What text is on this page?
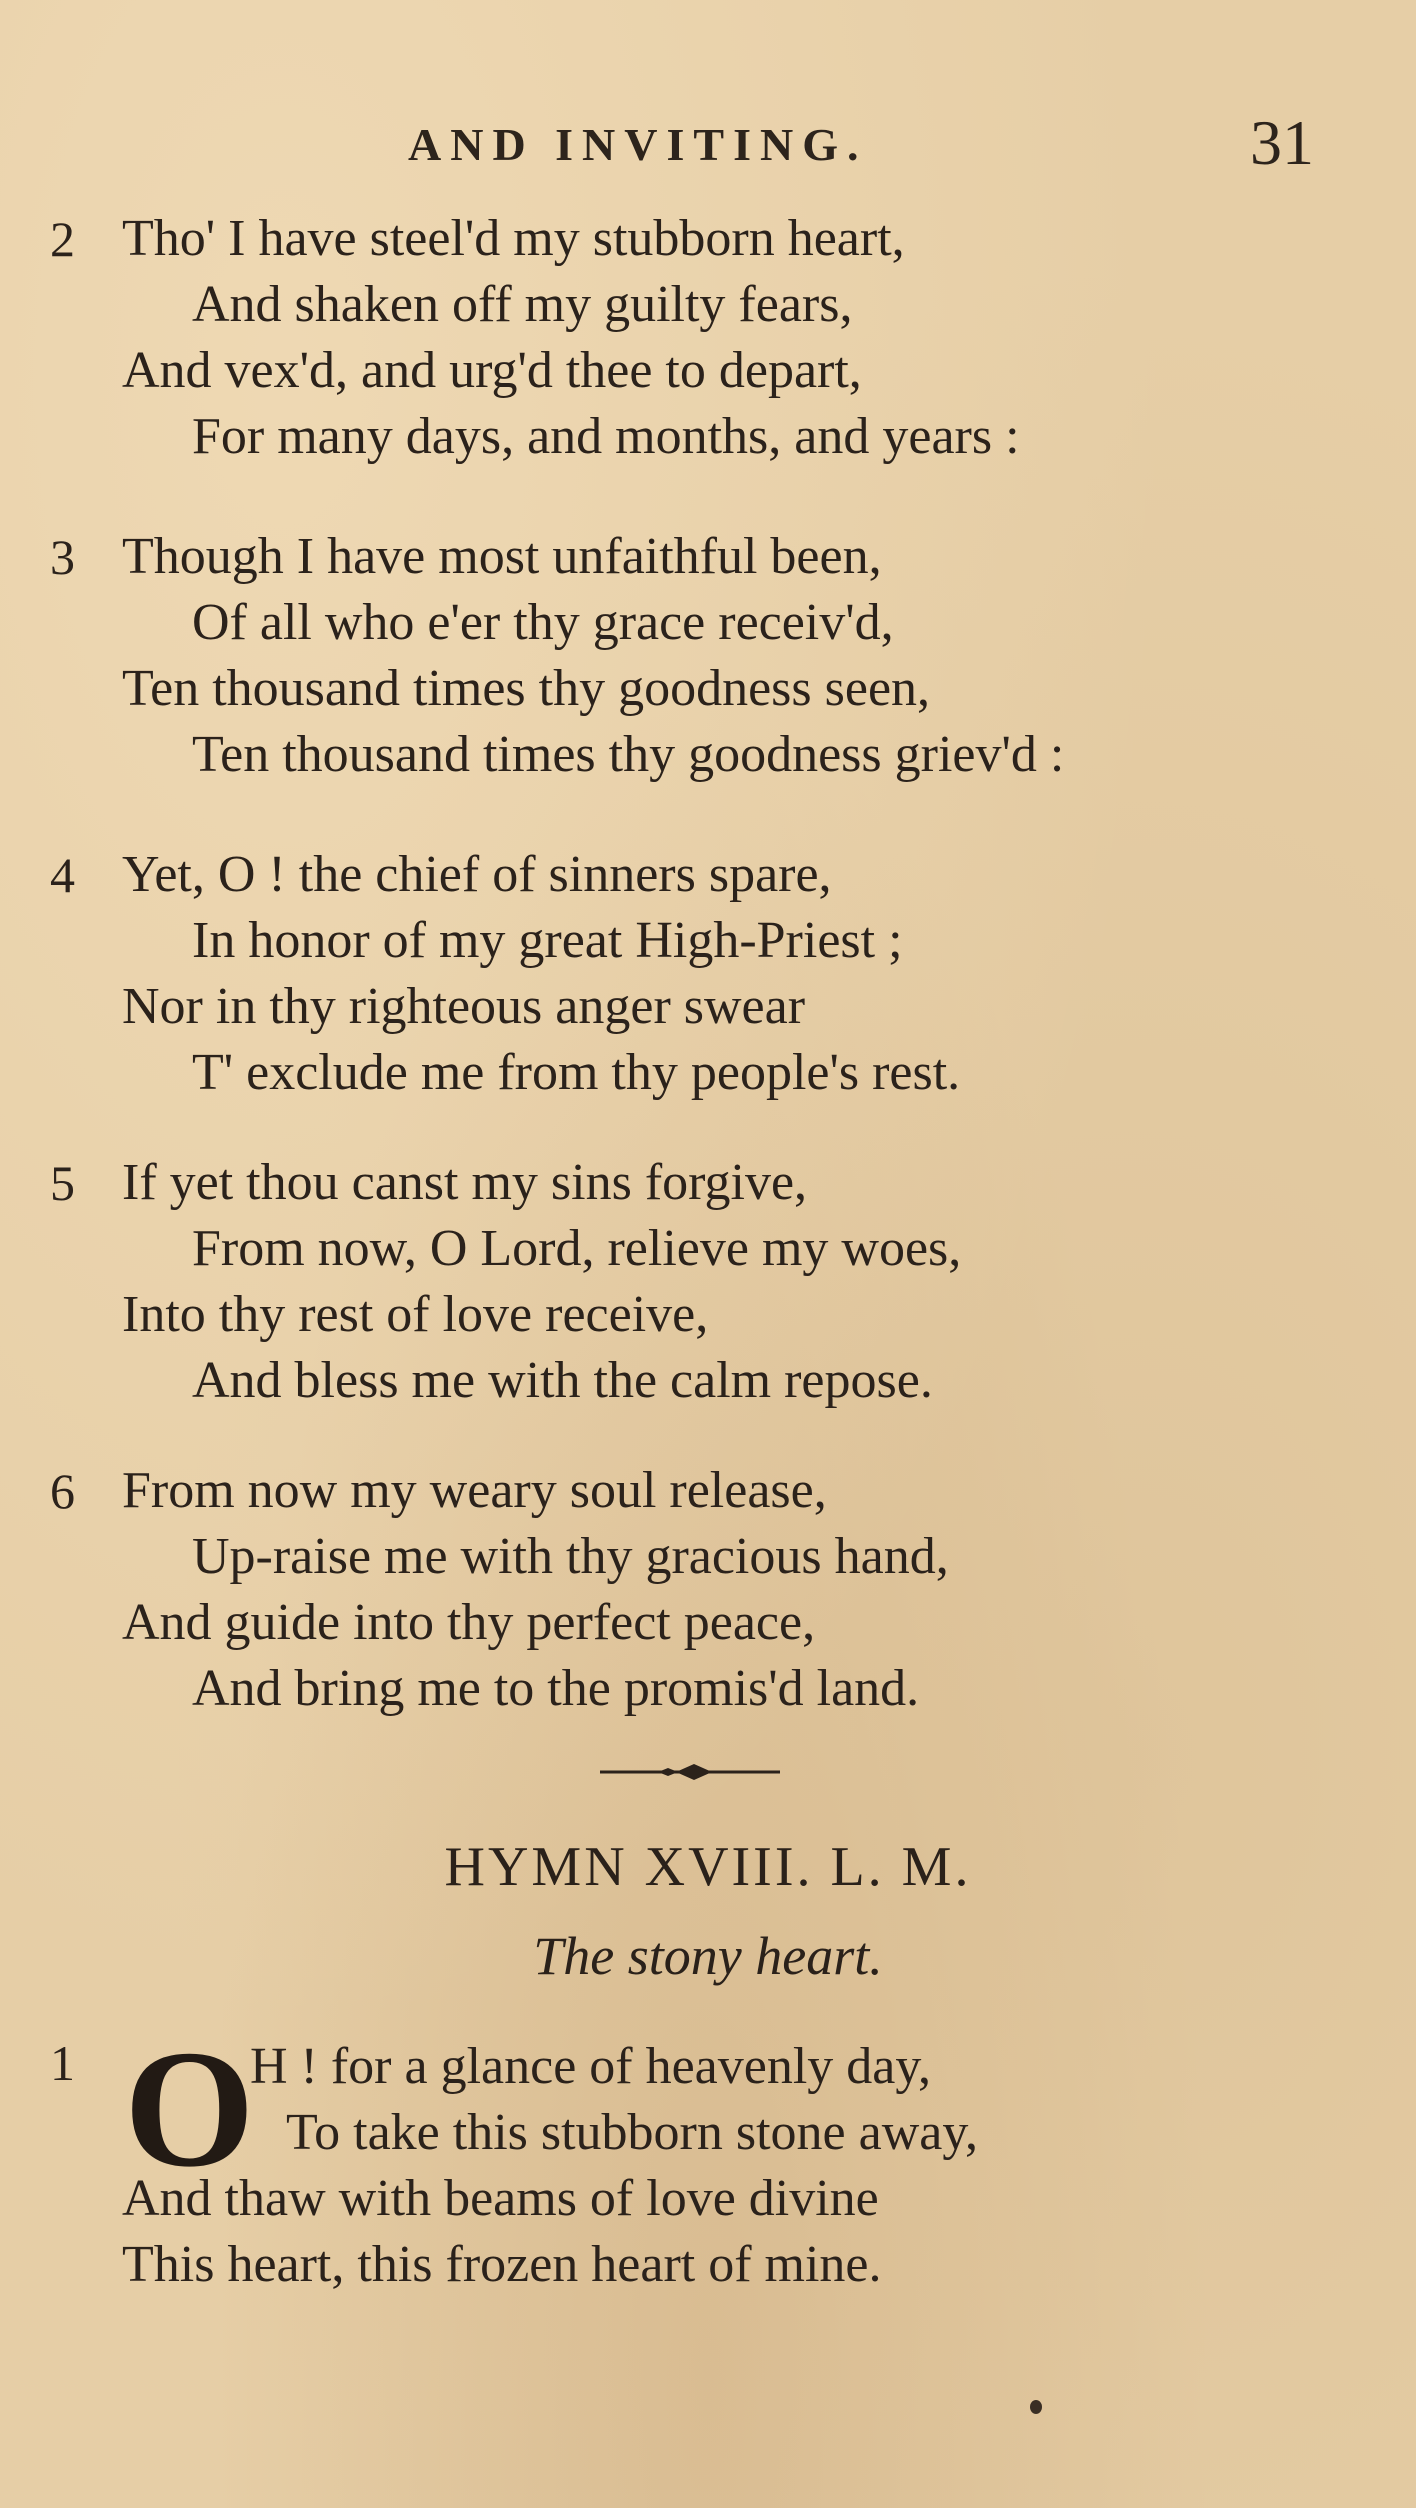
AND INVITING.	31
2 Tho' I have steel'd my stubborn heart,
And shaken off my guilty fears,
And vex'd, and urg'd thee to depart,
For many days, and months, and years :
3 Though I have most unfaithful been,
Of all who e'er thy grace receiv'd,
Ten thousand times thy goodness seen,
Ten thousand times thy goodness griev'd :
4 Yet, O ! the chief of sinners spare,
In honor of my great High-Priest ;
Nor in thy righteous anger swear
T' exclude me from thy people's rest.
5 If yet thou canst my sins forgive,
From now, O Lord, relieve my woes,
Into thy rest of love receive,
And bless me with the calm repose.
6 From now my weary soul release,
Up-raise me with thy gracious hand,
And guide into thy perfect peace,
And bring me to the promis'd land.
HYMN XVIII. L. M.
The stony heart.
1 O
H ! for a glance of heavenly day,
To take this stubborn stone away,
And thaw with beams of love divine
This heart, this frozen heart of mine.
